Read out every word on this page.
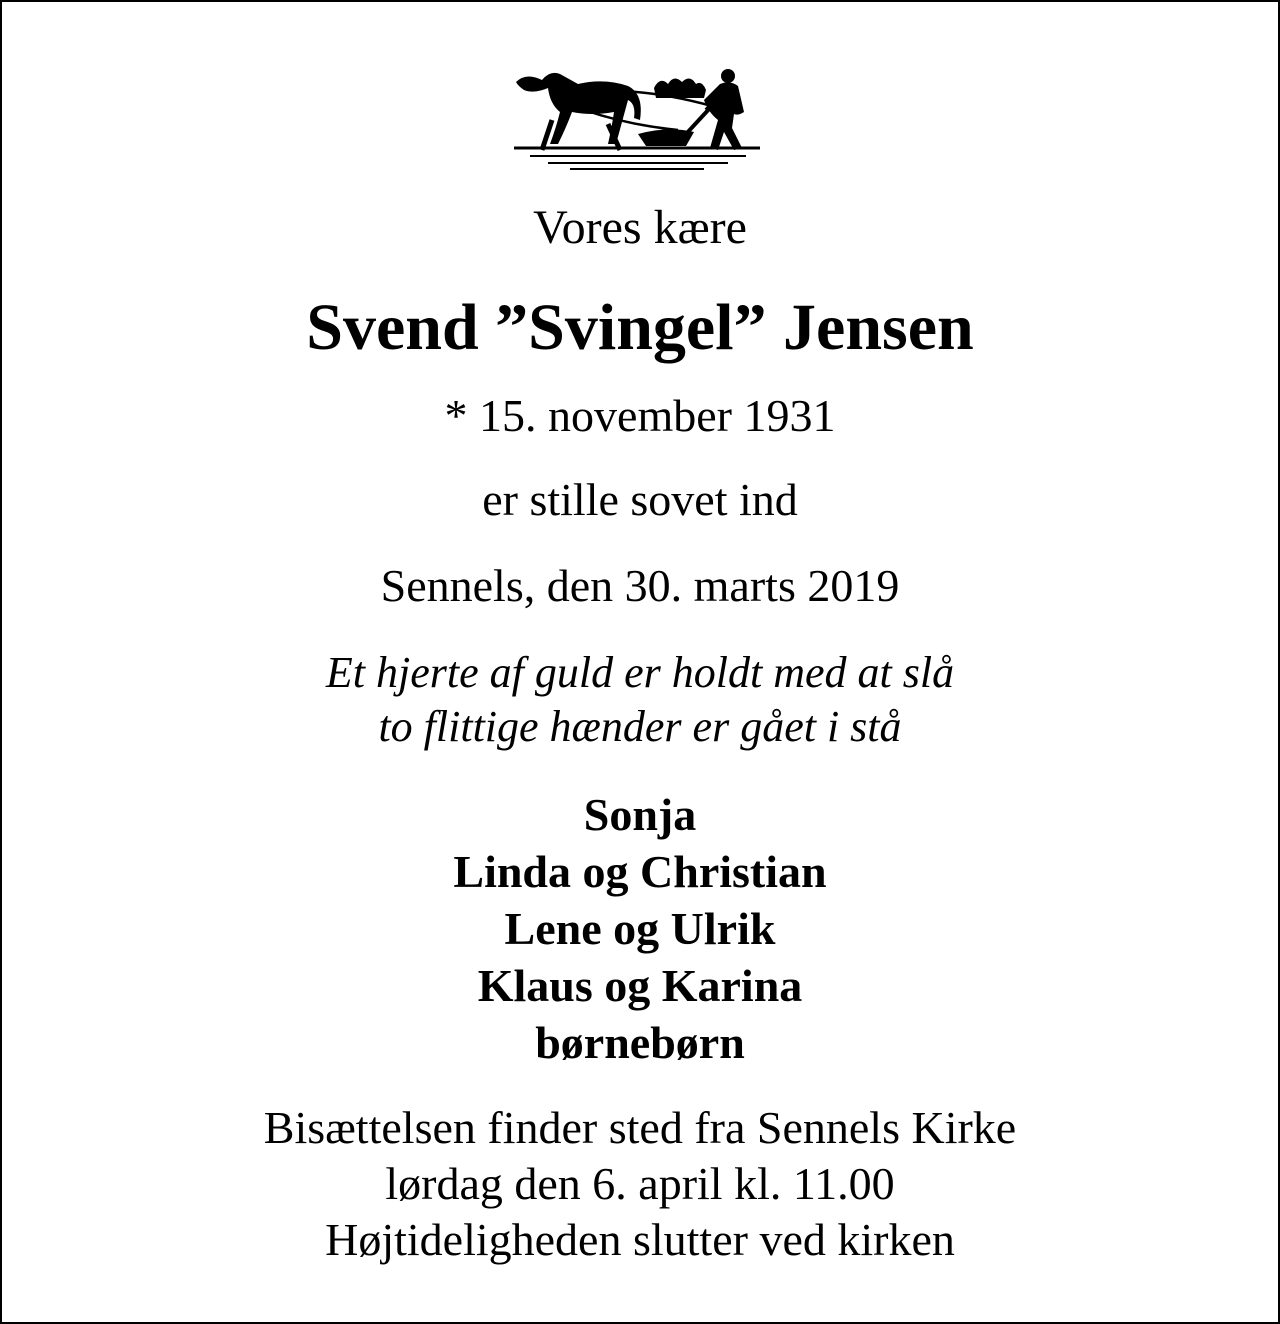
Vores kære
Svend ”Svingel” Jensen
* 15. november 1931
er stille sovet ind
Sennels, den 30. marts 2019
Et hjerte af guld er holdt med at slå
to flittige hænder er gået i stå
Sonja
Linda og Christian
Lene og Ulrik
Klaus og Karina
børnebørn
Bisættelsen finder sted fra Sennels Kirke
lørdag den 6. april kl. 11.00
Højtideligheden slutter ved kirken
